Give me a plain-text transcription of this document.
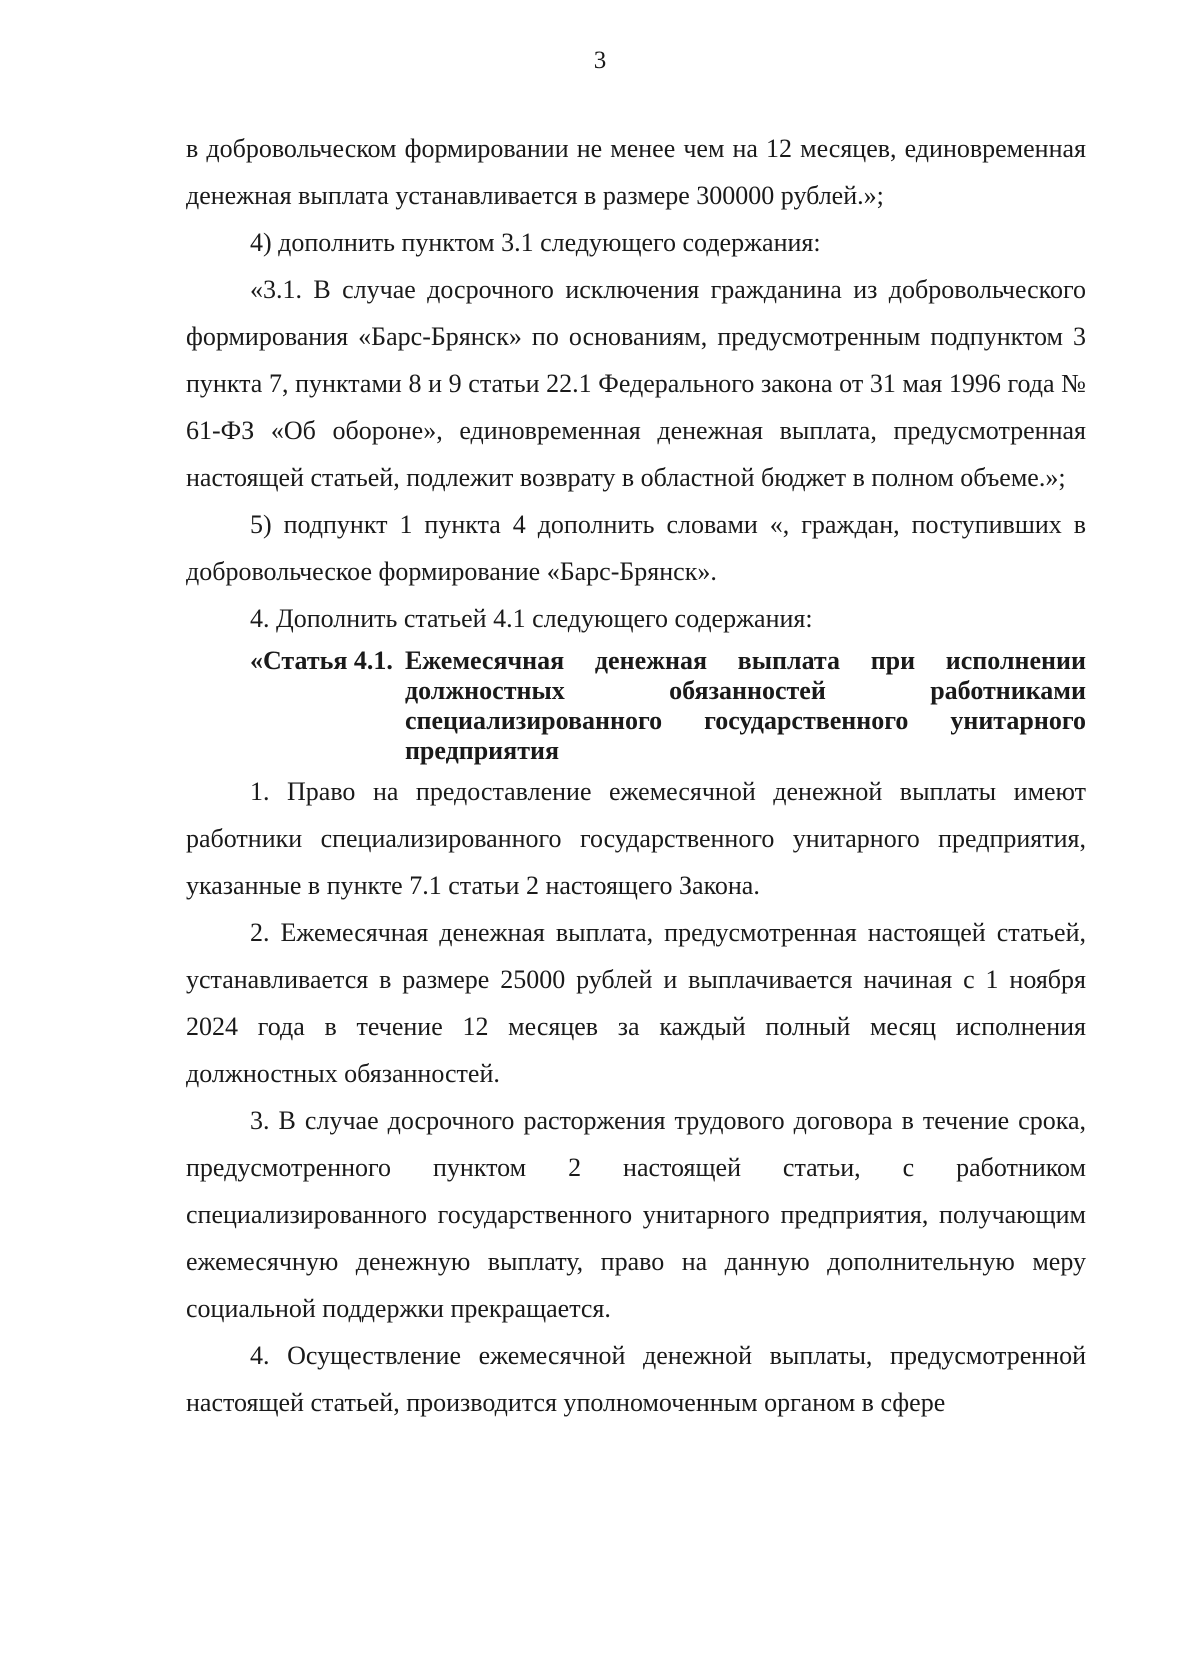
3

в добровольческом формировании не менее чем на 12 месяцев, единовременная денежная выплата устанавливается в размере 300000 рублей.»;

4) дополнить пунктом 3.1 следующего содержания:

«3.1. В случае досрочного исключения гражданина из добровольческого формирования «Барс-Брянск» по основаниям, предусмотренным подпунктом 3 пункта 7, пунктами 8 и 9 статьи 22.1 Федерального закона от 31 мая 1996 года № 61-ФЗ «Об обороне», единовременная денежная выплата, предусмотренная настоящей статьей, подлежит возврату в областной бюджет в полном объеме.»;

5) подпункт 1 пункта 4 дополнить словами «, граждан, поступивших в добровольческое формирование «Барс-Брянск».

4. Дополнить статьей 4.1 следующего содержания:

«Статья 4.1. Ежемесячная денежная выплата при исполнении должностных обязанностей работниками специализированного государственного унитарного предприятия

1. Право на предоставление ежемесячной денежной выплаты имеют работники специализированного государственного унитарного предприятия, указанные в пункте 7.1 статьи 2 настоящего Закона.

2. Ежемесячная денежная выплата, предусмотренная настоящей статьей, устанавливается в размере 25000 рублей и выплачивается начиная с 1 ноября 2024 года в течение 12 месяцев за каждый полный месяц исполнения должностных обязанностей.

3. В случае досрочного расторжения трудового договора в течение срока, предусмотренного пунктом 2 настоящей статьи, с работником специализированного государственного унитарного предприятия, получающим ежемесячную денежную выплату, право на данную дополнительную меру социальной поддержки прекращается.

4. Осуществление ежемесячной денежной выплаты, предусмотренной настоящей статьей, производится уполномоченным органом в сфере
